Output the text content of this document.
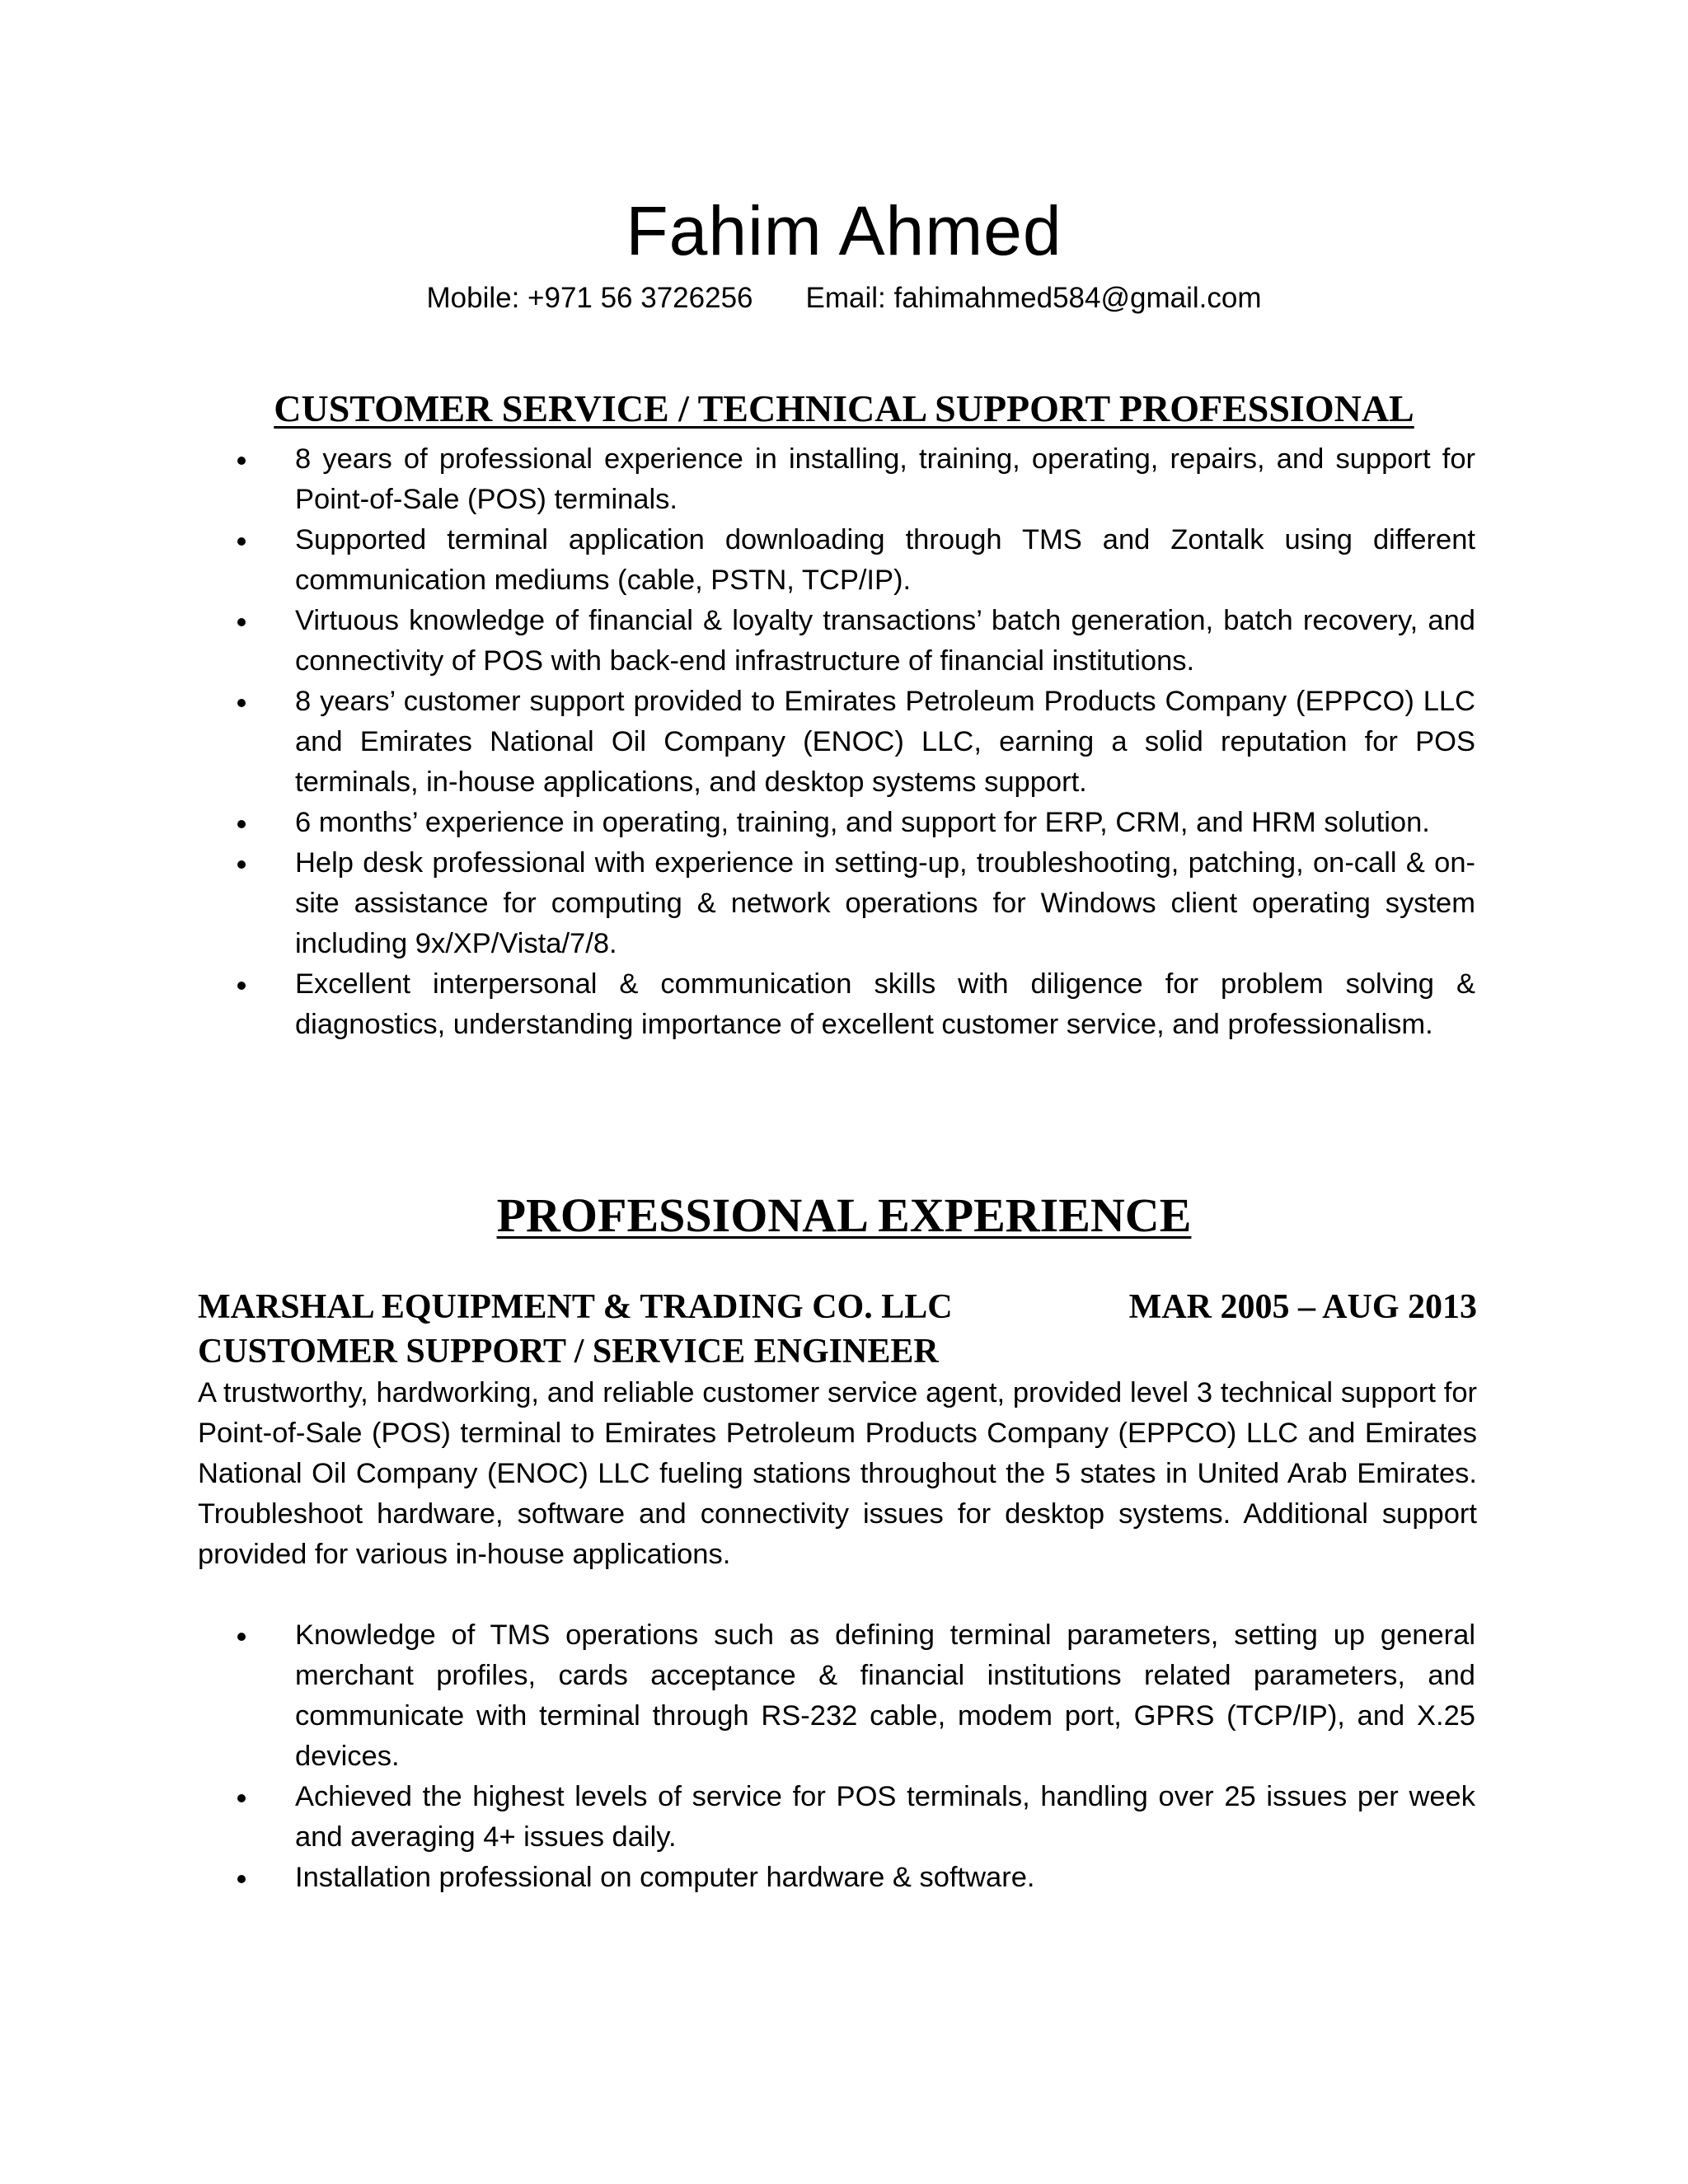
Fahim Ahmed
Mobile: +971 56 3726256 Email: fahimahmed584@gmail.com
CUSTOMER SERVICE / TECHNICAL SUPPORT PROFESSIONAL
8 years of professional experience in installing, training, operating, repairs, and support for Point-of-Sale (POS) terminals.
Supported terminal application downloading through TMS and Zontalk using different communication mediums (cable, PSTN, TCP/IP).
Virtuous knowledge of financial & loyalty transactions’ batch generation, batch recovery, and connectivity of POS with back-end infrastructure of financial institutions.
8 years’ customer support provided to Emirates Petroleum Products Company (EPPCO) LLC and Emirates National Oil Company (ENOC) LLC, earning a solid reputation for POS terminals, in-house applications, and desktop systems support.
6 months’ experience in operating, training, and support for ERP, CRM, and HRM solution.
Help desk professional with experience in setting-up, troubleshooting, patching, on-call & on-site assistance for computing & network operations for Windows client operating system including 9x/XP/Vista/7/8.
Excellent interpersonal & communication skills with diligence for problem solving & diagnostics, understanding importance of excellent customer service, and professionalism.
PROFESSIONAL EXPERIENCE
MARSHAL EQUIPMENT & TRADING CO. LLC	MAR 2005 – AUG 2013
CUSTOMER SUPPORT / SERVICE ENGINEER

A trustworthy, hardworking, and reliable customer service agent, provided level 3 technical support for Point-of-Sale (POS) terminal to Emirates Petroleum Products Company (EPPCO) LLC and Emirates National Oil Company (ENOC) LLC fueling stations throughout the 5 states in United Arab Emirates. Troubleshoot hardware, software and connectivity issues for desktop systems. Additional support provided for various in-house applications.

Knowledge of TMS operations such as defining terminal parameters, setting up general merchant profiles, cards acceptance & financial institutions related parameters, and communicate with terminal through RS-232 cable, modem port, GPRS (TCP/IP), and X.25 devices.
Achieved the highest levels of service for POS terminals, handling over 25 issues per week and averaging 4+ issues daily.
Installation professional on computer hardware & software.
